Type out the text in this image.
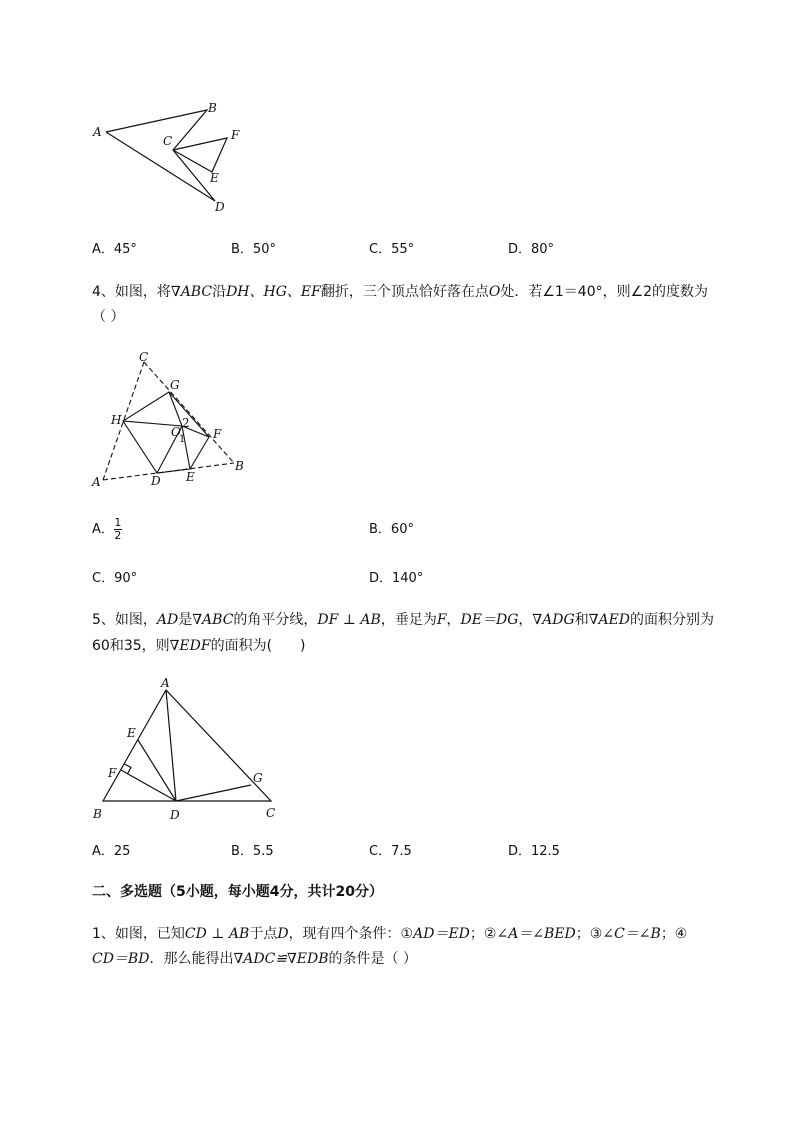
A
B
C	F
E
D
A．45°	B．50°	C．55°	D．80°
4、如图，将∇ABC沿DH、HG、EF翻折，三个顶点恰好落在点O处．若∠1＝40°，则∠2的度数为
（ ）
C
G
H
O
2
1 F
A	D E
B
A． $\frac{1}{2}$	B．60°
C．90°	D．140°
5、如图，AD是∇ABC的角平分线，DF ⊥ AB，垂足为F，DE＝DG，∇ADG和∇AED的面积分别为
60和35，则∇EDF的面积为(　　)
A
E
F	G
B	D	C
A．25	B．5.5	C．7.5	D．12.5
二、多选题（5小题，每小题4分，共计20分）
1、如图，已知CD ⊥ AB于点D，现有四个条件：①AD＝ED；②∠A＝∠BED；③∠C＝∠B；④
CD＝BD．那么能得出∇ADC≌∇EDB的条件是（ ）
